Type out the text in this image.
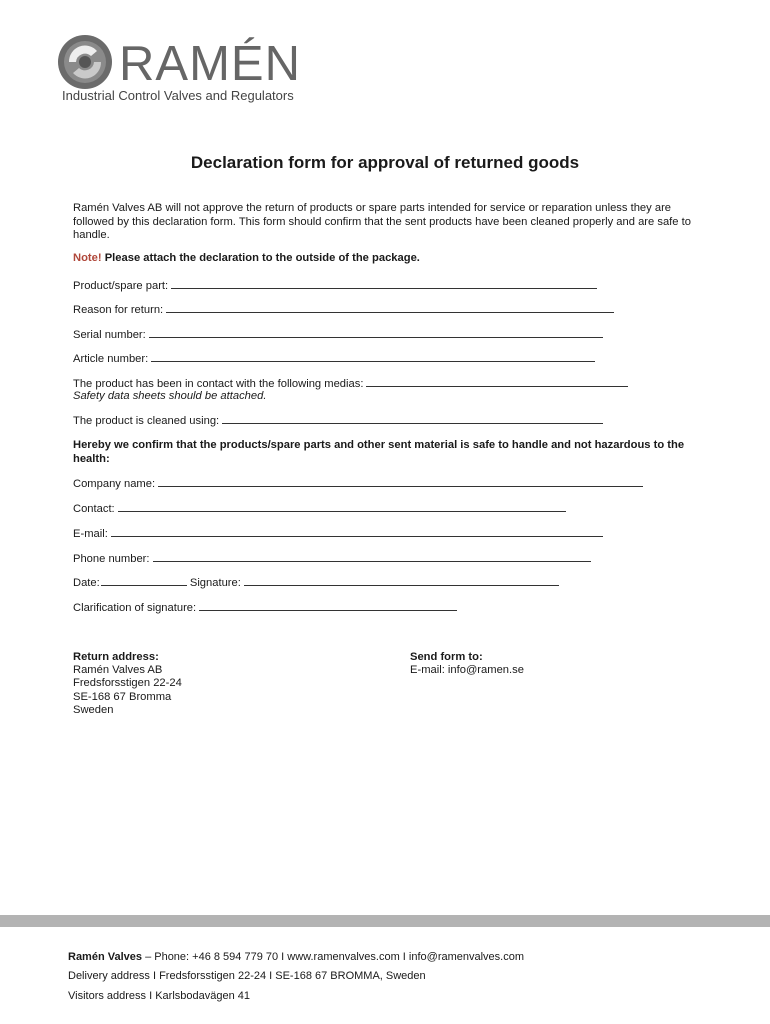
RAMÉN
Industrial Control Valves and Regulators
Declaration form for approval of returned goods

Ramén Valves AB will not approve the return of products or spare parts intended for service or reparation unless they are followed by this declaration form. This form should confirm that the sent products have been cleaned properly and are safe to handle.

Note! Please attach the declaration to the outside of the package.

Product/spare part:
Reason for return:
Serial number:
Article number:
The product has been in contact with the following medias:
Safety data sheets should be attached.
The product is cleaned using:
Hereby we confirm that the products/spare parts and other sent material is safe to handle and not hazardous to the health:
Company name:
Contact:
E-mail:
Phone number:
Date:	Signature:
Clarification of signature:
Return address:
Ramén Valves AB
Fredsforsstigen 22-24
SE-168 67 Bromma
Sweden
Send form to:
E-mail: info@ramen.se
Ramén Valves – Phone: +46 8 594 779 70 I www.ramenvalves.com I info@ramenvalves.com
Delivery address I Fredsforsstigen 22-24 I SE-168 67 BROMMA, Sweden
Visitors address I Karlsbodavägen 41
